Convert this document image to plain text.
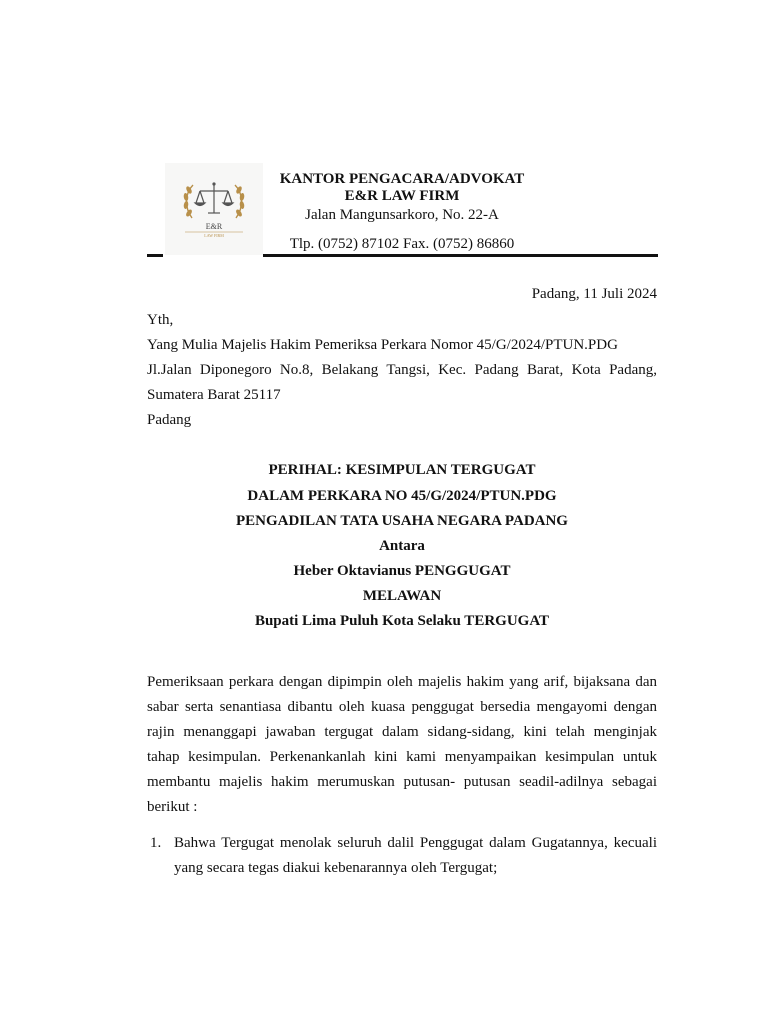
E&R
LAW FIRM
KANTOR PENGACARA/ADVOKAT
E&R LAW FIRM
Jalan Mangunsarkoro, No. 22-A
Tlp. (0752) 87102 Fax. (0752) 86860
Padang, 11 Juli 2024
Yth,
Yang Mulia Majelis Hakim Pemeriksa Perkara Nomor 45/G/2024/PTUN.PDG
Jl.Jalan Diponegoro No.8, Belakang Tangsi, Kec. Padang Barat, Kota Padang,
Sumatera Barat 25117
Padang
PERIHAL: KESIMPULAN TERGUGAT
DALAM PERKARA NO 45/G/2024/PTUN.PDG
PENGADILAN TATA USAHA NEGARA PADANG
Antara
Heber Oktavianus PENGGUGAT
MELAWAN
Bupati Lima Puluh Kota Selaku TERGUGAT
Pemeriksaan perkara dengan dipimpin oleh majelis hakim yang arif, bijaksana dan
sabar serta senantiasa dibantu oleh kuasa penggugat bersedia mengayomi dengan
rajin menanggapi jawaban tergugat dalam sidang-sidang, kini telah menginjak
tahap kesimpulan. Perkenankanlah kini kami menyampaikan kesimpulan untuk
membantu majelis hakim merumuskan putusan- putusan seadil-adilnya sebagai
berikut :
1. Bahwa Tergugat menolak seluruh dalil Penggugat dalam Gugatannya, kecuali
yang secara tegas diakui kebenarannya oleh Tergugat;
